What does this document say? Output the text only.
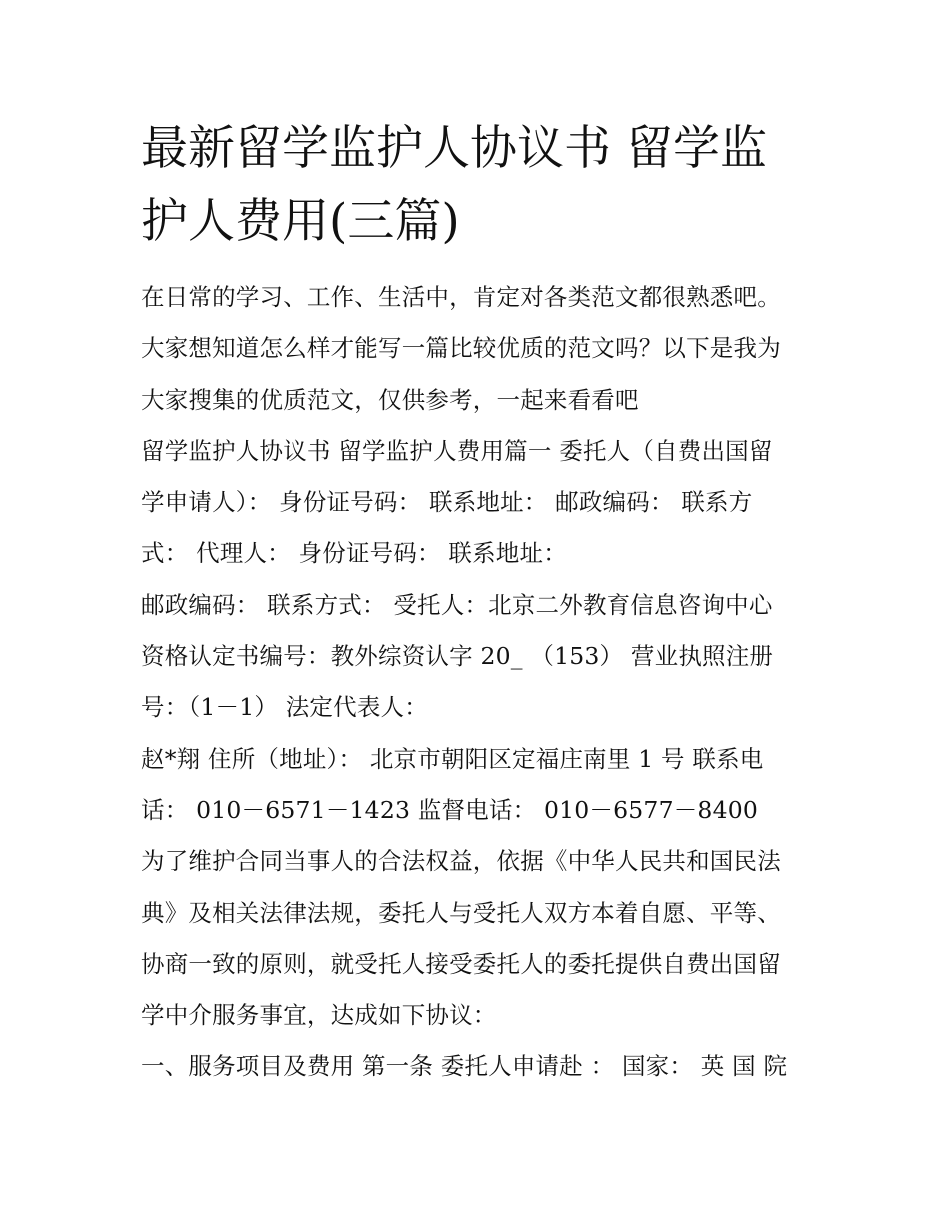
最新留学监护人协议书 留学监
护人费用(三篇)
在日常的学习、工作、生活中，肯定对各类范文都很熟悉吧。
大家想知道怎么样才能写一篇比较优质的范文吗？以下是我为
大家搜集的优质范文，仅供参考，一起来看看吧
留学监护人协议书 留学监护人费用篇一 委托人（自费出国留
学申请人）： 身份证号码： 联系地址： 邮政编码： 联系方
式： 代理人： 身份证号码： 联系地址：
邮政编码： 联系方式： 受托人：北京二外教育信息咨询中心
资格认定书编号：教外综资认字 20_ （153） 营业执照注册
号：（1－1） 法定代表人：
赵*翔 住所（地址）： 北京市朝阳区定福庄南里 1 号 联系电
话： 010－6571－1423 监督电话： 010－6577－8400
为了维护合同当事人的合法权益，依据《中华人民共和国民法
典》及相关法律法规，委托人与受托人双方本着自愿、平等、
协商一致的原则，就受托人接受委托人的委托提供自费出国留
学中介服务事宜，达成如下协议：
一、服务项目及费用 第一条 委托人申请赴 ： 国家： 英 国 院
